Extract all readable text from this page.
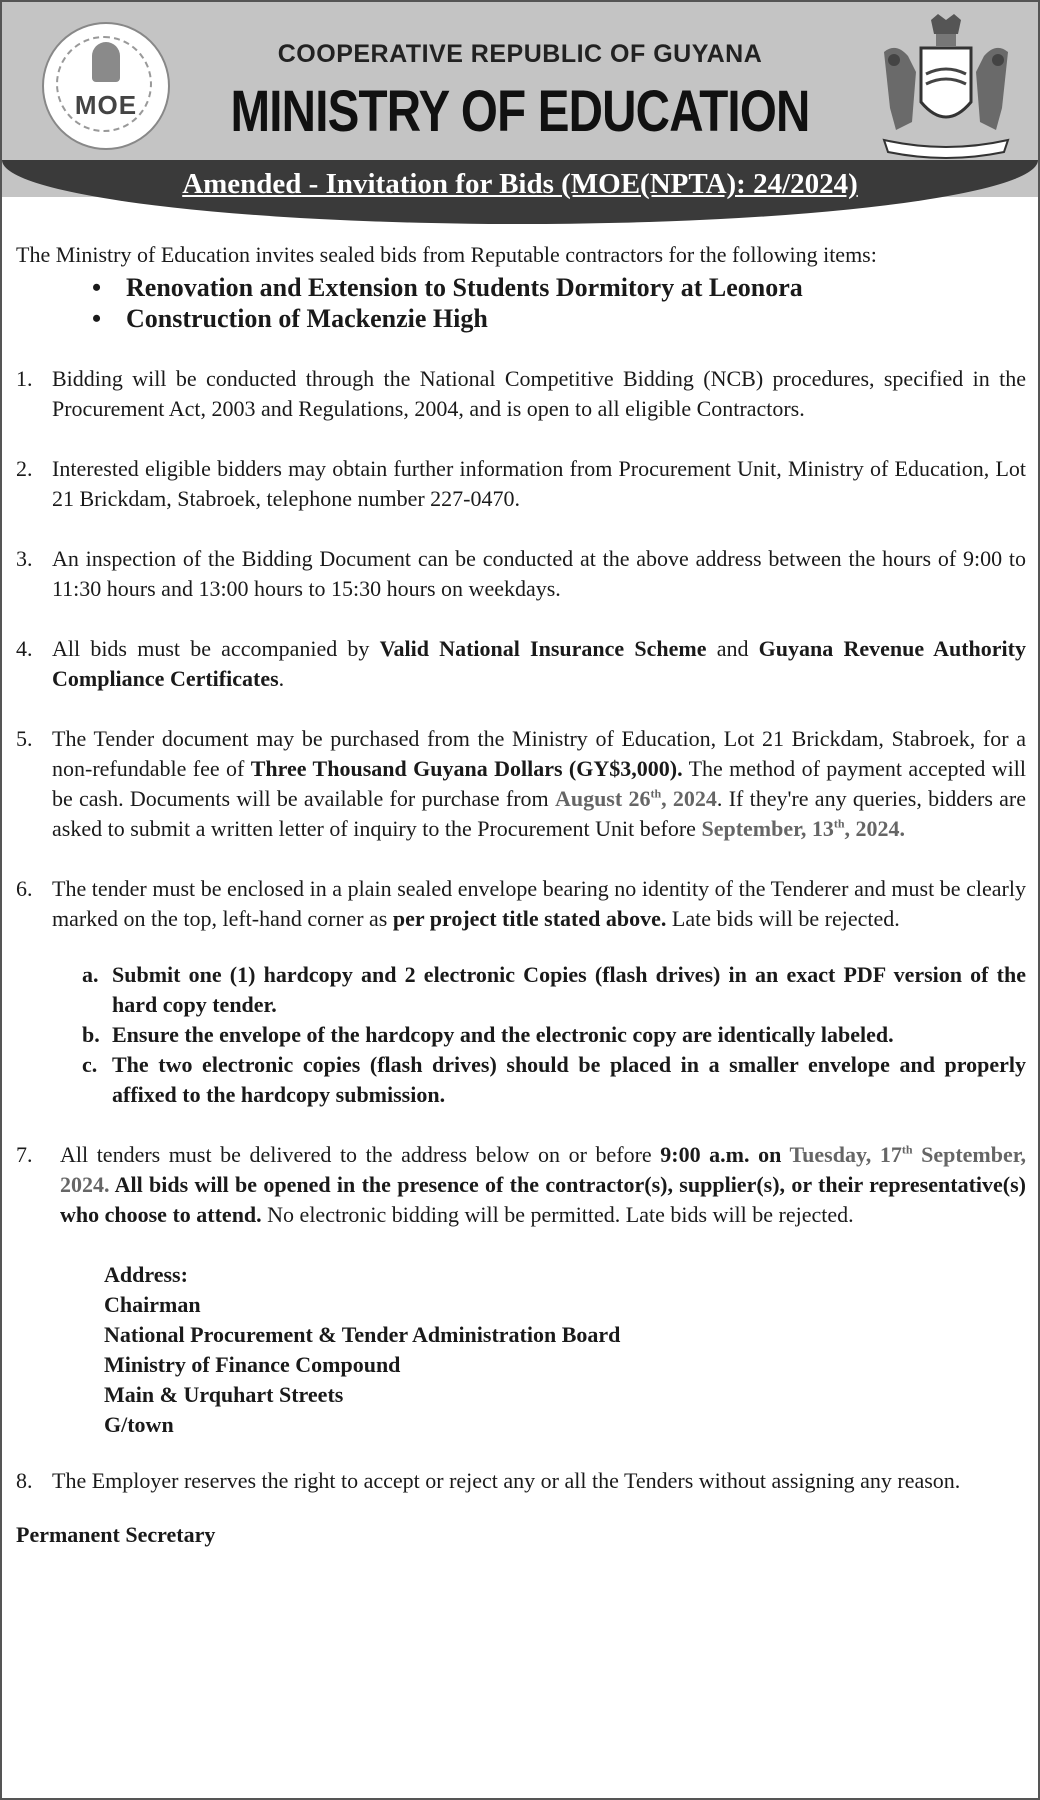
MOE
COOPERATIVE REPUBLIC OF GUYANA
MINISTRY OF EDUCATION
Amended - Invitation for Bids (MOE(NPTA): 24/2024)

The Ministry of Education invites sealed bids from Reputable contractors for the following items:

• Renovation and Extension to Students Dormitory at Leonora
• Construction of Mackenzie High
1. Bidding will be conducted through the National Competitive Bidding (NCB) procedures, specified in the Procurement Act, 2003 and Regulations, 2004, and is open to all eligible Contractors.
2. Interested eligible bidders may obtain further information from Procurement Unit, Ministry of Education, Lot 21 Brickdam, Stabroek, telephone number 227-0470.
3. An inspection of the Bidding Document can be conducted at the above address between the hours of 9:00 to 11:30 hours and 13:00 hours to 15:30 hours on weekdays.
4. All bids must be accompanied by Valid National Insurance Scheme and Guyana Revenue Authority Compliance Certificates.
5. The Tender document may be purchased from the Ministry of Education, Lot 21 Brickdam, Stabroek, for a non-refundable fee of Three Thousand Guyana Dollars (GY$3,000). The method of payment accepted will be cash. Documents will be available for purchase from August 26th, 2024. If they're any queries, bidders are asked to submit a written letter of inquiry to the Procurement Unit before September, 13th, 2024.
6. The tender must be enclosed in a plain sealed envelope bearing no identity of the Tenderer and must be clearly marked on the top, left-hand corner as per project title stated above. Late bids will be rejected.
a. Submit one (1) hardcopy and 2 electronic Copies (flash drives) in an exact PDF version of the hard copy tender.
b. Ensure the envelope of the hardcopy and the electronic copy are identically labeled.
c. The two electronic copies (flash drives) should be placed in a smaller envelope and properly affixed to the hardcopy submission.
7. All tenders must be delivered to the address below on or before 9:00 a.m. on Tuesday, 17th September, 2024. All bids will be opened in the presence of the contractor(s), supplier(s), or their representative(s) who choose to attend. No electronic bidding will be permitted. Late bids will be rejected.
Address:
Chairman
National Procurement & Tender Administration Board
Ministry of Finance Compound
Main & Urquhart Streets
G/town
8. The Employer reserves the right to accept or reject any or all the Tenders without assigning any reason.
Permanent Secretary
